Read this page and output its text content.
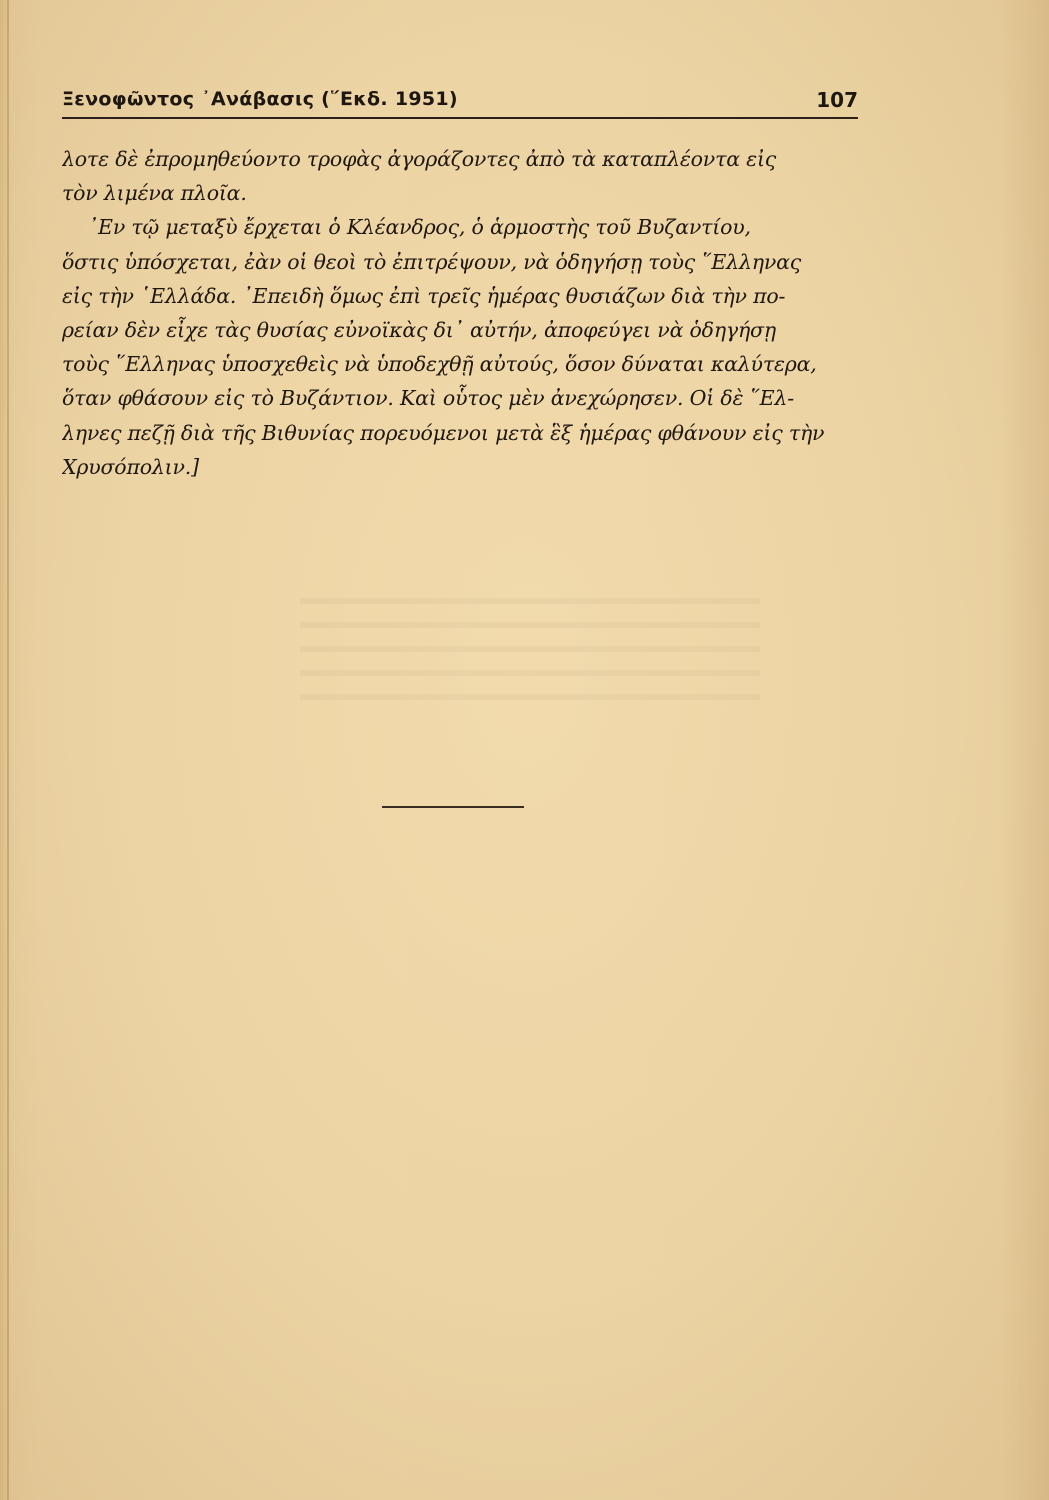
Ξενοφῶντος ᾿Ανάβασις (῞Εκδ. 1951)	107
λοτε δὲ ἐπρομηθεύοντο τροφὰς ἀγοράζοντες ἀπὸ τὰ καταπλέοντα εἰς
τὸν λιμένα πλοῖα.
᾿Εν τῷ μεταξὺ ἔρχεται ὁ Κλέανδρος, ὁ ἁρμοστὴς τοῦ Βυζαντίου,
ὅστις ὑπόσχεται, ἐὰν οἱ θεοὶ τὸ ἐπιτρέψουν, νὰ ὁδηγήσῃ τοὺς ῞Ελληνας
εἰς τὴν ῾Ελλάδα. ᾿Επειδὴ ὅμως ἐπὶ τρεῖς ἡμέρας θυσιάζων διὰ τὴν πο-
ρείαν δὲν εἶχε τὰς θυσίας εὐνοϊκὰς δι᾿ αὐτήν, ἀποφεύγει νὰ ὁδηγήσῃ
τοὺς ῞Ελληνας ὑποσχεθεὶς νὰ ὑποδεχθῇ αὐτούς, ὅσον δύναται καλύτερα,
ὅταν φθάσουν εἰς τὸ Βυζάντιον. Καὶ οὗτος μὲν ἀνεχώρησεν. Οἱ δὲ ῞Ελ-
ληνες πεζῇ διὰ τῆς Βιθυνίας πορευόμενοι μετὰ ἓξ ἡμέρας φθάνουν εἰς τὴν
Χρυσόπολιν.]
